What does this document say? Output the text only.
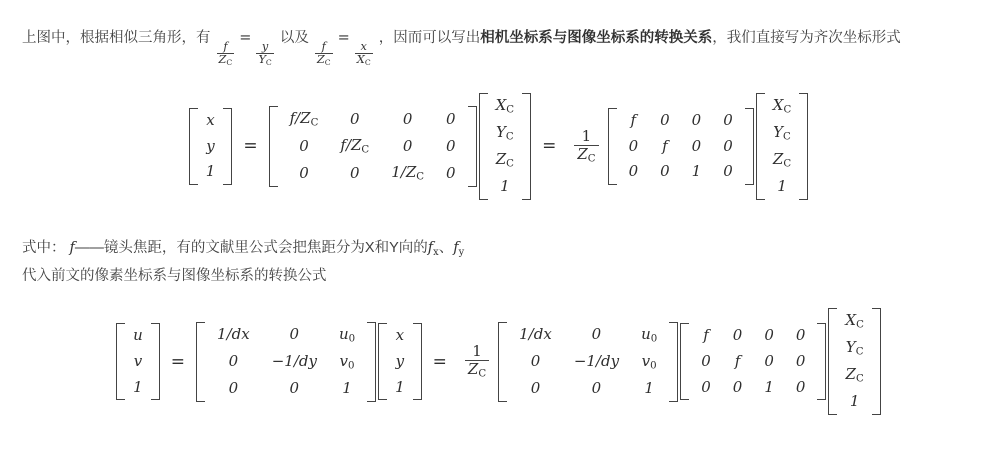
上图中，根据相似三角形，有
$\frac{f}{Z_C}$
=
$\frac{y}{Y_C}$
以及
$\frac{f}{Z_C}$
=
$\frac{x}{X_C}$
，因而可以写出相机坐标系与图像坐标系的转换关系，我们直接写为齐次坐标形式
x
y
1
=
f/ZC	0	0	0
0	f/ZC	0	0
0	0	1/ZC	0
XC
YC
ZC
1
= $\frac{1}{ZC}$
f	0	0	0
0	f	0	0
0	0	1	0
XC
YC
ZC
1
式中： f——镜头焦距，有的文献里公式会把焦距分为X和Y向的$f_x$、$f_y$
代入前文的像素坐标系与图像坐标系的转换公式
u
v
1
=
1/dx	0	u0
0	−1/dy	v0
0	0	1
x
y
1
= $\frac{1}{ZC}$
1/dx	0	u0
0	−1/dy	v0
0	0	1
f	0	0	0
0	f	0	0
0	0	1	0
XC
YC
ZC
1
